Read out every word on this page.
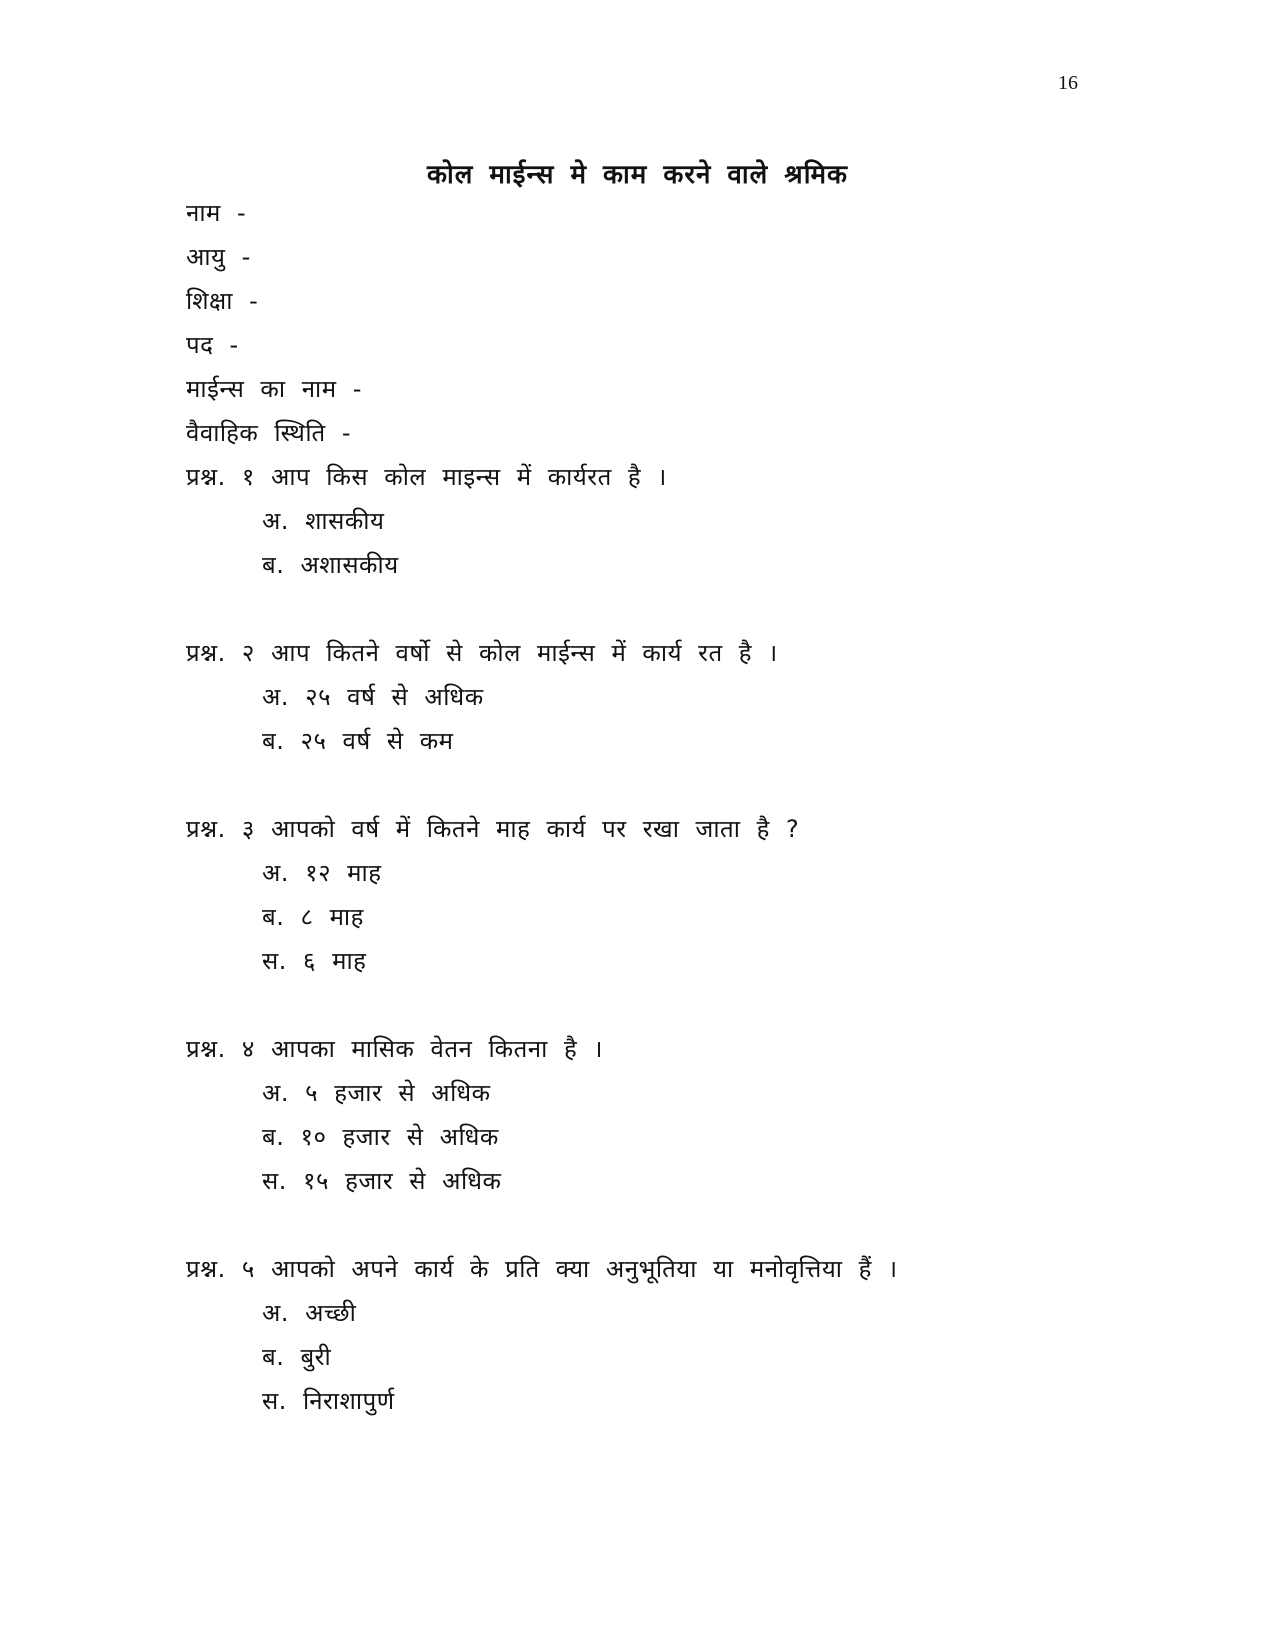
16
कोल माईन्स मे काम करने वाले श्रमिक
नाम -
आयु -
शिक्षा -
पद -
माईन्स का नाम -
वैवाहिक स्थिति -
प्रश्न. १ आप किस कोल माइन्स में कार्यरत है ।
अ. शासकीय
ब. अशासकीय
प्रश्न. २ आप कितने वर्षो से कोल माईन्स में कार्य रत है ।
अ. २५ वर्ष से अधिक
ब. २५ वर्ष से कम
प्रश्न. ३ आपको वर्ष में कितने माह कार्य पर रखा जाता है ?
अ. १२ माह
ब. ८ माह
स. ६ माह
प्रश्न. ४ आपका मासिक वेतन कितना है ।
अ. ५ हजार से अधिक
ब. १० हजार से अधिक
स. १५ हजार से अधिक
प्रश्न. ५ आपको अपने कार्य के प्रति क्या अनुभूतिया या मनोवृत्तिया हैं ।
अ. अच्छी
ब. बुरी
स. निराशापुर्ण
